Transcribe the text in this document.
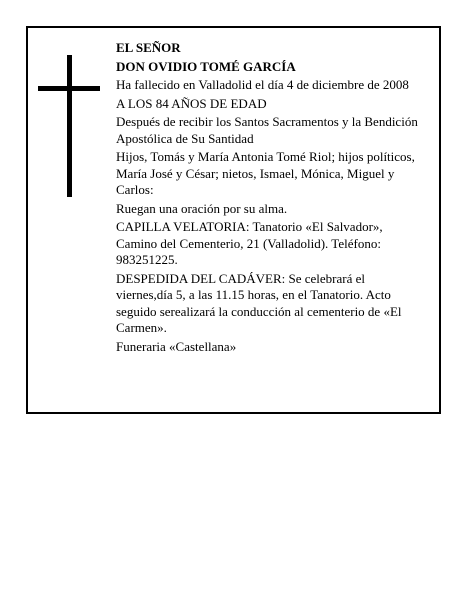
EL SEÑOR

DON OVIDIO TOMÉ GARCÍA

Ha fallecido en Valladolid el día 4 de diciembre de 2008

A LOS 84 AÑOS DE EDAD

Después de recibir los Santos Sacramentos y la Bendición Apostólica de Su Santidad

Hijos, Tomás y María Antonia Tomé Riol; hijos políticos, María José y César; nietos, Ismael, Mónica, Miguel y Carlos:

Ruegan una oración por su alma.

CAPILLA VELATORIA: Tanatorio «El Salvador», Camino del Cementerio, 21 (Valladolid). Teléfono: 983251225.

DESPEDIDA DEL CADÁVER: Se celebrará el viernes,día 5, a las 11.15 horas, en el Tanatorio. Acto seguido serealizará la conducción al cementerio de «El Carmen».

Funeraria «Castellana»
